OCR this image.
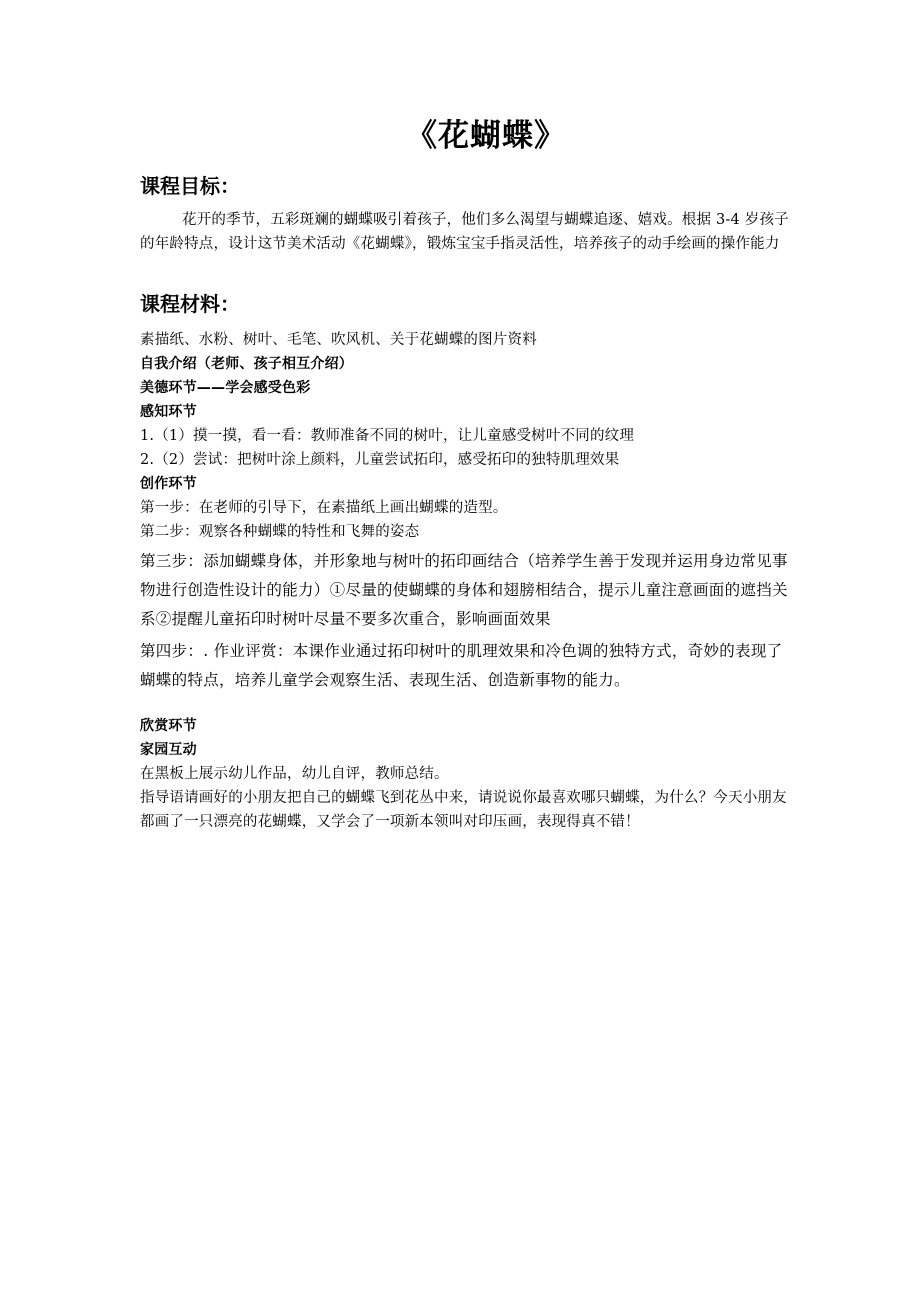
《花蝴蝶》
课程目标：
花开的季节，五彩斑斓的蝴蝶吸引着孩子，他们多么渴望与蝴蝶追逐、嬉戏。根据 3-4 岁孩子的年龄特点，设计这节美术活动《花蝴蝶》，锻炼宝宝手指灵活性，培养孩子的动手绘画的操作能力
课程材料：
素描纸、水粉、树叶、毛笔、吹风机、关于花蝴蝶的图片资料
自我介绍（老师、孩子相互介绍）
美德环节——学会感受色彩
感知环节
1.（1）摸一摸，看一看：教师准备不同的树叶，让儿童感受树叶不同的纹理
2.（2）尝试：把树叶涂上颜料，儿童尝试拓印，感受拓印的独特肌理效果
创作环节
第一步：在老师的引导下，在素描纸上画出蝴蝶的造型。
第二步：观察各种蝴蝶的特性和飞舞的姿态
第三步：添加蝴蝶身体，并形象地与树叶的拓印画结合（培养学生善于发现并运用身边常见事物进行创造性设计的能力）①尽量的使蝴蝶的身体和翅膀相结合，提示儿童注意画面的遮挡关系②提醒儿童拓印时树叶尽量不要多次重合，影响画面效果
第四步：. 作业评赏：本课作业通过拓印树叶的肌理效果和冷色调的独特方式，奇妙的表现了蝴蝶的特点，培养儿童学会观察生活、表现生活、创造新事物的能力。
欣赏环节
家园互动
在黑板上展示幼儿作品，幼儿自评，教师总结。
指导语请画好的小朋友把自己的蝴蝶飞到花丛中来，请说说你最喜欢哪只蝴蝶，为什么？今天小朋友都画了一只漂亮的花蝴蝶，又学会了一项新本领叫对印压画，表现得真不错！
